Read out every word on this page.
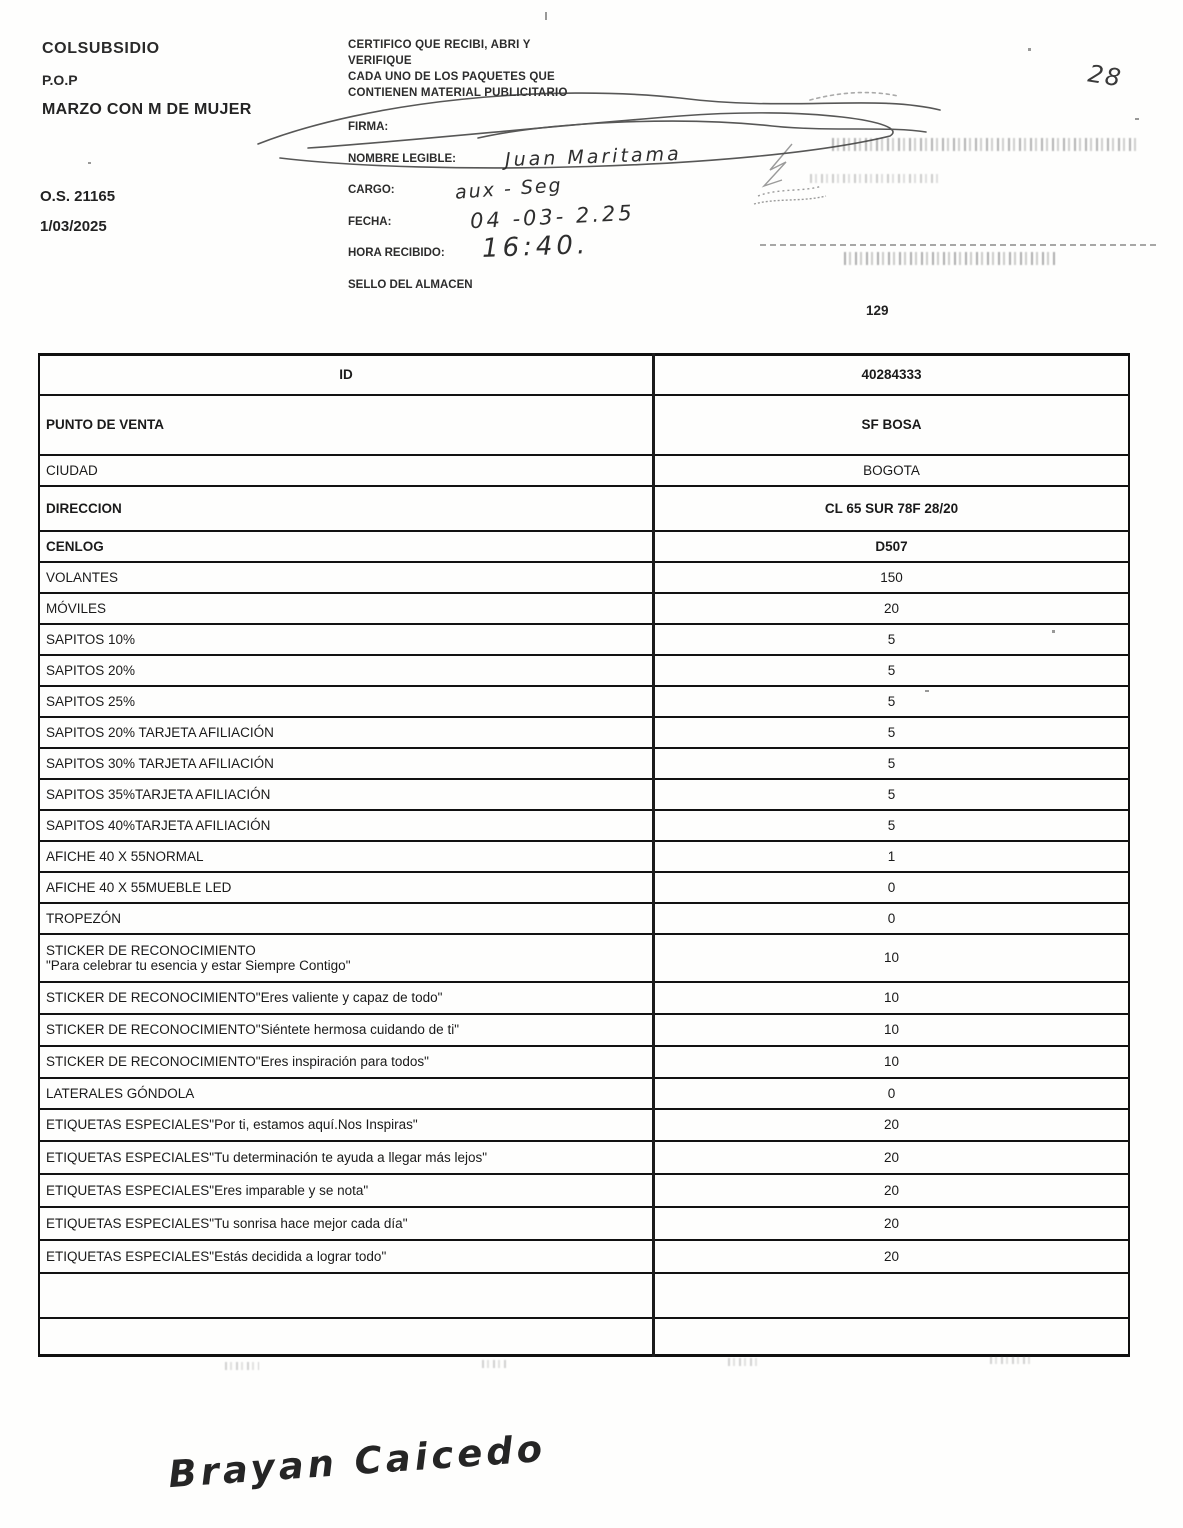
COLSUBSIDIO
P.O.P
MARZO CON M DE MUJER
O.S. 21165
1/03/2025
CERTIFICO QUE RECIBI, ABRI Y
VERIFIQUE
CADA UNO DE LOS PAQUETES QUE
CONTIENEN MATERIAL PUBLICITARIO
FIRMA:
NOMBRE LEGIBLE:
CARGO:
FECHA:
HORA RECIBIDO:
SELLO DEL ALMACEN
Juan Maritama
aux - Seg
04 -03- 2.25
16:40.
28
129
ID	40284333
PUNTO DE VENTA	SF BOSA
CIUDAD	BOGOTA
DIRECCION	CL 65 SUR 78F 28/20
CENLOG	D507
VOLANTES	150
MÓVILES	20
SAPITOS 10%	5
SAPITOS 20%	5
SAPITOS 25%	5
SAPITOS 20% TARJETA AFILIACIÓN	5
SAPITOS 30% TARJETA AFILIACIÓN	5
SAPITOS 35%TARJETA AFILIACIÓN	5
SAPITOS 40%TARJETA AFILIACIÓN	5
AFICHE 40 X 55NORMAL	1
AFICHE 40 X 55MUEBLE LED	0
TROPEZÓN	0

STICKER DE RECONOCIMIENTO
"Para celebrar tu esencia y estar Siempre Contigo"	10
STICKER DE RECONOCIMIENTO"Eres valiente y capaz de todo"	10
STICKER DE RECONOCIMIENTO"Siéntete hermosa cuidando de ti"	10
STICKER DE RECONOCIMIENTO"Eres inspiración para todos"	10
LATERALES GÓNDOLA	0
ETIQUETAS ESPECIALES"Por ti, estamos aquí.Nos Inspiras"	20
ETIQUETAS ESPECIALES"Tu determinación te ayuda a llegar más lejos"	20
ETIQUETAS ESPECIALES"Eres imparable y se nota"	20
ETIQUETAS ESPECIALES"Tu sonrisa hace mejor cada día"	20
ETIQUETAS ESPECIALES"Estás decidida a lograr todo"	20

Brayan Caicedo
